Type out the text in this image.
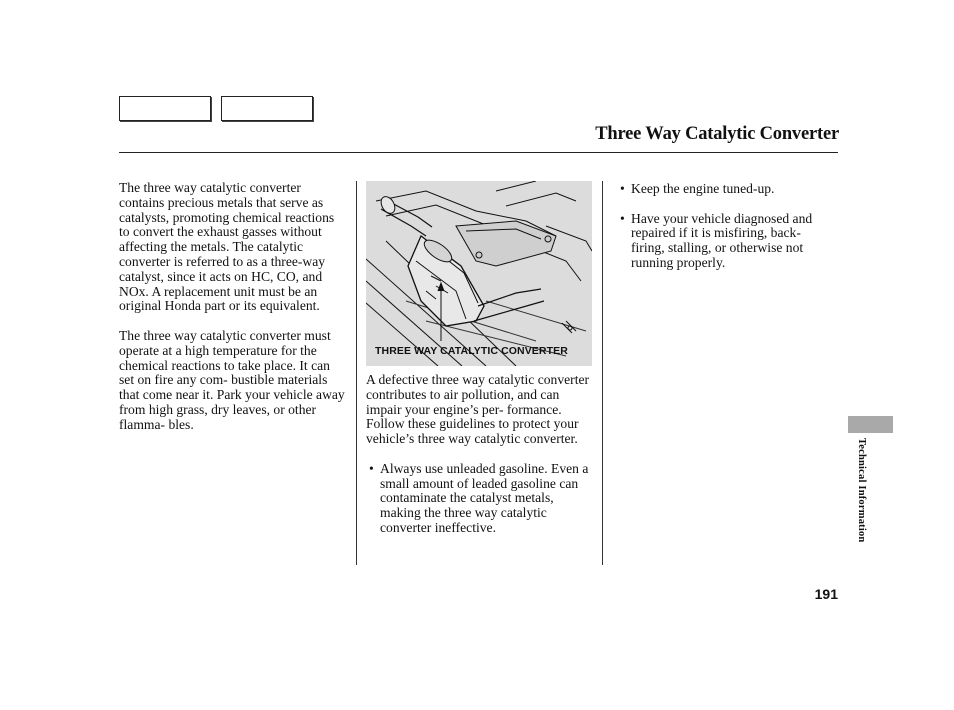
Three Way Catalytic Converter

The three way catalytic converter contains precious metals that serve as catalysts, promoting chemical reactions to convert the exhaust gasses without affecting the metals. The catalytic converter is referred to as a three-way catalyst, since it acts on HC, CO, and NOx. A replacement unit must be an original Honda part or its equivalent.

The three way catalytic converter must operate at a high temperature for the chemical reactions to take place. It can set on fire any com- bustible materials that come near it. Park your vehicle away from high grass, dry leaves, or other flamma- bles.

THREE WAY CATALYTIC CONVERTER

A defective three way catalytic converter contributes to air pollution, and can impair your engine’s per- formance. Follow these guidelines to protect your vehicle’s three way catalytic converter.

• Always use unleaded gasoline. Even a small amount of leaded gasoline can contaminate the catalyst metals, making the three way catalytic converter ineffective.

• Keep the engine tuned-up.

• Have your vehicle diagnosed and repaired if it is misfiring, back- firing, stalling, or otherwise not running properly.

Technical Information
191
